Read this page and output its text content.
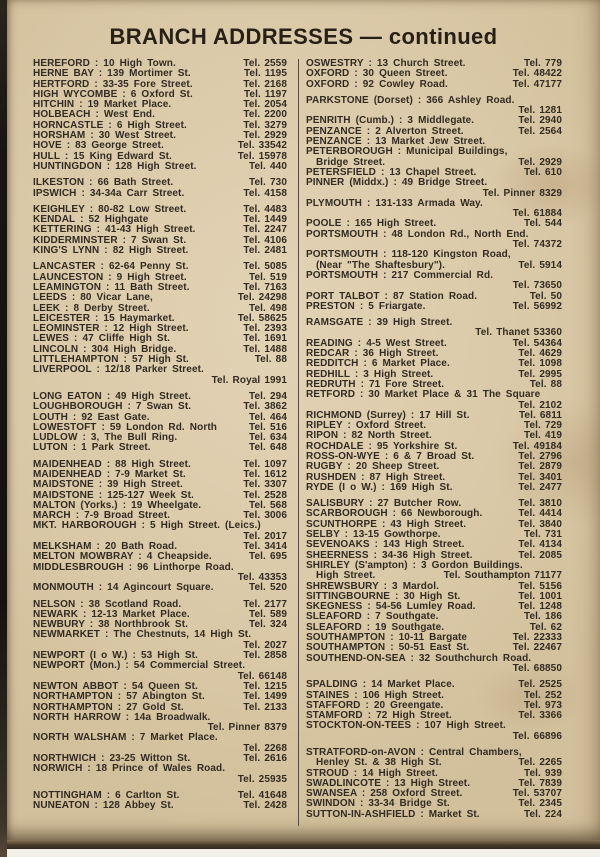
BRANCH ADDRESSES — continued
HEREFORD : 10 High Town.	Tel. 2559
HERNE BAY : 139 Mortimer St.	Tel. 1195
HERTFORD : 33-35 Fore Street.	Tel. 2168
HIGH WYCOMBE : 6 Oxford St.	Tel. 1197
HITCHIN : 19 Market Place.	Tel. 2054
HOLBEACH : West End.	Tel. 2200
HORNCASTLE : 6 High Street.	Tel. 3279
HORSHAM : 30 West Street.	Tel. 2929
HOVE : 83 George Street.	Tel. 33542
HULL : 15 King Edward St.	Tel. 15978
HUNTINGDON : 128 High Street.	Tel. 440
ILKESTON : 66 Bath Street.	Tel. 730
IPSWICH : 34-34a Carr Street.	Tel. 4158
KEIGHLEY : 80-82 Low Street.	Tel. 4483
KENDAL : 52 Highgate	Tel. 1449
KETTERING : 41-43 High Street.	Tel. 2247
KIDDERMINSTER : 7 Swan St.	Tel. 4106
KING'S LYNN : 82 High Street.	Tel. 2481
LANCASTER : 62-64 Penny St.	Tel. 5085
LAUNCESTON : 9 High Street.	Tel. 519
LEAMINGTON : 11 Bath Street.	Tel. 7163
LEEDS : 80 Vicar Lane,	Tel. 24298
LEEK : 8 Derby Street.	Tel. 498
LEICESTER : 15 Haymarket.	Tel. 58625
LEOMINSTER : 12 High Street.	Tel. 2393
LEWES : 47 Cliffe High St.	Tel. 1691
LINCOLN : 304 High Bridge.	Tel. 1488
LITTLEHAMPTON : 57 High St.	Tel. 88
LIVERPOOL : 12/18 Parker Street.
Tel. Royal 1991
LONG EATON : 49 High Street.	Tel. 294
LOUGHBOROUGH : 7 Swan St.	Tel. 3862
LOUTH : 92 East Gate.	Tel. 464
LOWESTOFT : 59 London Rd. North	Tel. 516
LUDLOW : 3, The Bull Ring.	Tel. 634
LUTON : 1 Park Street.	Tel. 648
MAIDENHEAD : 88 High Street.	Tel. 1097
MAIDENHEAD : 7-9 Market St.	Tel. 1612
MAIDSTONE : 39 High Street.	Tel. 3307
MAIDSTONE : 125-127 Week St.	Tel. 2528
MALTON (Yorks.) : 19 Wheelgate.	Tel. 568
MARCH : 7-9 Broad Street.	Tel. 3006
MKT. HARBOROUGH : 5 High Street. (Leics.)
Tel. 2017
MELKSHAM : 20 Bath Road.	Tel. 3414
MELTON MOWBRAY : 4 Cheapside.	Tel. 695
MIDDLESBROUGH : 96 Linthorpe Road.
Tel. 43353
MONMOUTH : 14 Agincourt Square.	Tel. 520
NELSON : 38 Scotland Road.	Tel. 2177
NEWARK : 12-13 Market Place.	Tel. 589
NEWBURY : 38 Northbrook St.	Tel. 324
NEWMARKET : The Chestnuts, 14 High St.
Tel. 2027
NEWPORT (I o W.) : 53 High St.	Tel. 2858
NEWPORT (Mon.) : 54 Commercial Street.
Tel. 66148
NEWTON ABBOT : 54 Queen St.	Tel. 1215
NORTHAMPTON : 57 Abington St.	Tel. 1499
NORTHAMPTON : 27 Gold St.	Tel. 2133
NORTH HARROW : 14a Broadwalk.
Tel. Pinner 8379
NORTH WALSHAM : 7 Market Place.
Tel. 2268
NORTHWICH : 23-25 Witton St.	Tel. 2616
NORWICH : 18 Prince of Wales Road.
Tel. 25935
NOTTINGHAM : 6 Carlton St.	Tel. 41648
NUNEATON : 128 Abbey St.	Tel. 2428
OSWESTRY : 13 Church Street.	Tel. 779
OXFORD : 30 Queen Street.	Tel. 48422
OXFORD : 92 Cowley Road.	Tel. 47177
PARKSTONE (Dorset) : 366 Ashley Road.
Tel. 1281
PENRITH (Cumb.) : 3 Middlegate.	Tel. 2940
PENZANCE : 2 Alverton Street.	Tel. 2564
PENZANCE : 13 Market Jew Street.
PETERBOROUGH : Municipal Buildings,
Bridge Street.	Tel. 2929
PETERSFIELD : 13 Chapel Street.	Tel. 610
PINNER (Middx.) : 49 Bridge Street.
Tel. Pinner 8329
PLYMOUTH : 131-133 Armada Way.
Tel. 61884
POOLE : 165 High Street.	Tel. 544
PORTSMOUTH : 48 London Rd., North End.
Tel. 74372
PORTSMOUTH : 118-120 Kingston Road,
(Near "The Shaftesbury").	Tel. 5914
PORTSMOUTH : 217 Commercial Rd.
Tel. 73650
PORT TALBOT : 87 Station Road.	Tel. 50
PRESTON : 5 Friargate.	Tel. 56992
RAMSGATE : 39 High Street.
Tel. Thanet 53360
READING : 4-5 West Street.	Tel. 54364
REDCAR : 36 High Street.	Tel. 4629
REDDITCH : 6 Market Place.	Tel. 1098
REDHILL : 3 High Street.	Tel. 2995
REDRUTH : 71 Fore Street.	Tel. 88
RETFORD : 30 Market Place & 31 The Square
Tel. 2102
RICHMOND (Surrey) : 17 Hill St.	Tel. 6811
RIPLEY : Oxford Street.	Tel. 729
RIPON : 82 North Street.	Tel. 419
ROCHDALE : 95 Yorkshire St.	Tel. 49184
ROSS-ON-WYE : 6 & 7 Broad St.	Tel. 2796
RUGBY : 20 Sheep Street.	Tel. 2879
RUSHDEN : 87 High Street.	Tel. 3401
RYDE (I o W.) : 169 High St.	Tel. 2477
SALISBURY : 27 Butcher Row.	Tel. 3810
SCARBOROUGH : 66 Newborough.	Tel. 4414
SCUNTHORPE : 43 High Street.	Tel. 3840
SELBY : 13-15 Gowthorpe.	Tel. 731
SEVENOAKS : 143 High Street.	Tel. 4134
SHEERNESS : 34-36 High Street.	Tel. 2085
SHIRLEY (S'ampton) : 3 Gordon Buildings.
High Street.	Tel. Southampton 71177
SHREWSBURY : 3 Mardol.	Tel. 5156
SITTINGBOURNE : 30 High St.	Tel. 1001
SKEGNESS : 54-56 Lumley Road.	Tel. 1248
SLEAFORD : 7 Southgate.	Tel. 186
SLEAFORD : 19 Southgate.	Tel. 62
SOUTHAMPTON : 10-11 Bargate	Tel. 22333
SOUTHAMPTON : 50-51 East St.	Tel. 22467
SOUTHEND-ON-SEA : 32 Southchurch Road.
Tel. 68850
SPALDING : 14 Market Place.	Tel. 2525
STAINES : 106 High Street.	Tel. 252
STAFFORD : 20 Greengate.	Tel. 973
STAMFORD : 72 High Street.	Tel. 3366
STOCKTON-ON-TEES : 107 High Street.
Tel. 66896
STRATFORD-on-AVON : Central Chambers,
Henley St. & 38 High St.	Tel. 2265
STROUD : 14 High Street.	Tel. 939
SWADLINCOTE : 13 High Street.	Tel. 7839
SWANSEA : 258 Oxford Street.	Tel. 53707
SWINDON : 33-34 Bridge St.	Tel. 2345
SUTTON-IN-ASHFIELD : Market St.	Tel. 224
